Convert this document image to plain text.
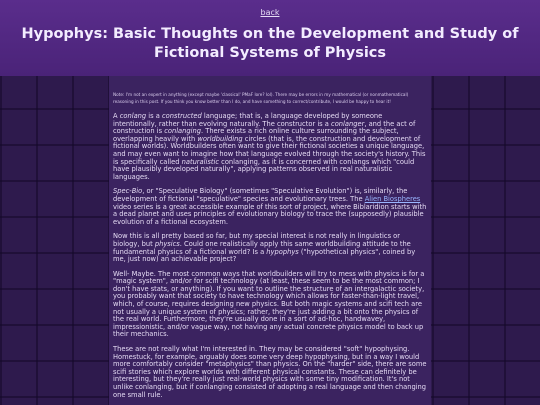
back
Hypophys: Basic Thoughts on the Development and Study of Fictional Systems of Physics
Note: I'm not an expert in anything (except maybe 'classical' PMaF lore? lol). There may be errors in my mathematical (or nonmathematical) reasoning in this post. If you think you know better than I do, and have something to correct/contribute, I would be happy to hear it!

A conlang is a constructed language; that is, a language developed by someone intentionally, rather than evolving naturally. The constructor is a conlanger, and the act of construction is conlanging. There exists a rich online culture surrounding the subject, overlapping heavily with worldbuilding circles (that is, the construction and development of fictional worlds). Worldbuilders often want to give their fictional societies a unique language, and may even want to imagine how that language evolved through the society's history. This is specifically called naturalistic conlanging, as it is concerned with conlangs which "could have plausibly developed naturally", applying patterns observed in real naturalistic languages.

Spec-Bio, or "Speculative Biology" (sometimes "Speculative Evolution") is, similarly, the development of fictional "speculative" species and evolutionary trees. The Alien Biospheres video series is a great accessible example of this sort of project, where Biblaridion starts with a dead planet and uses principles of evolutionary biology to trace the (supposedly) plausible evolution of a fictional ecosystem.

Now this is all pretty based so far, but my special interest is not really in linguistics or biology, but physics. Could one realistically apply this same worldbuilding attitude to the fundamental physics of a fictional world? Is a hypophys ("hypothetical physics", coined by me, just now) an achievable project?

Well- Maybe. The most common ways that worldbuilders will try to mess with physics is for a "magic system", and/or for scifi technology (at least, these seem to be the most common; I don't have stats, or anything). If you want to outline the structure of an intergalactic society, you probably want that society to have technology which allows for faster-than-light travel, which, of course, requires designing new physics. But both magic systems and scifi tech are not usually a unique system of physics; rather, they're just adding a bit onto the physics of the real world. Furthermore, they're usually done in a sort of ad-hoc, handwavey, impressionistic, and/or vague way, not having any actual concrete physics model to back up their mechanics.

These are not really what I'm interested in. They may be considered "soft" hypophysing. Homestuck, for example, arguably does some very deep hypophysing, but in a way I would more comfortably consider "metaphysics" than physics. On the "harder" side, there are some scifi stories which explore worlds with different physical constants. These can definitely be interesting, but they're really just real-world physics with some tiny modification. It's not unlike conlanging, but if conlanging consisted of adopting a real language and then changing one small rule.
